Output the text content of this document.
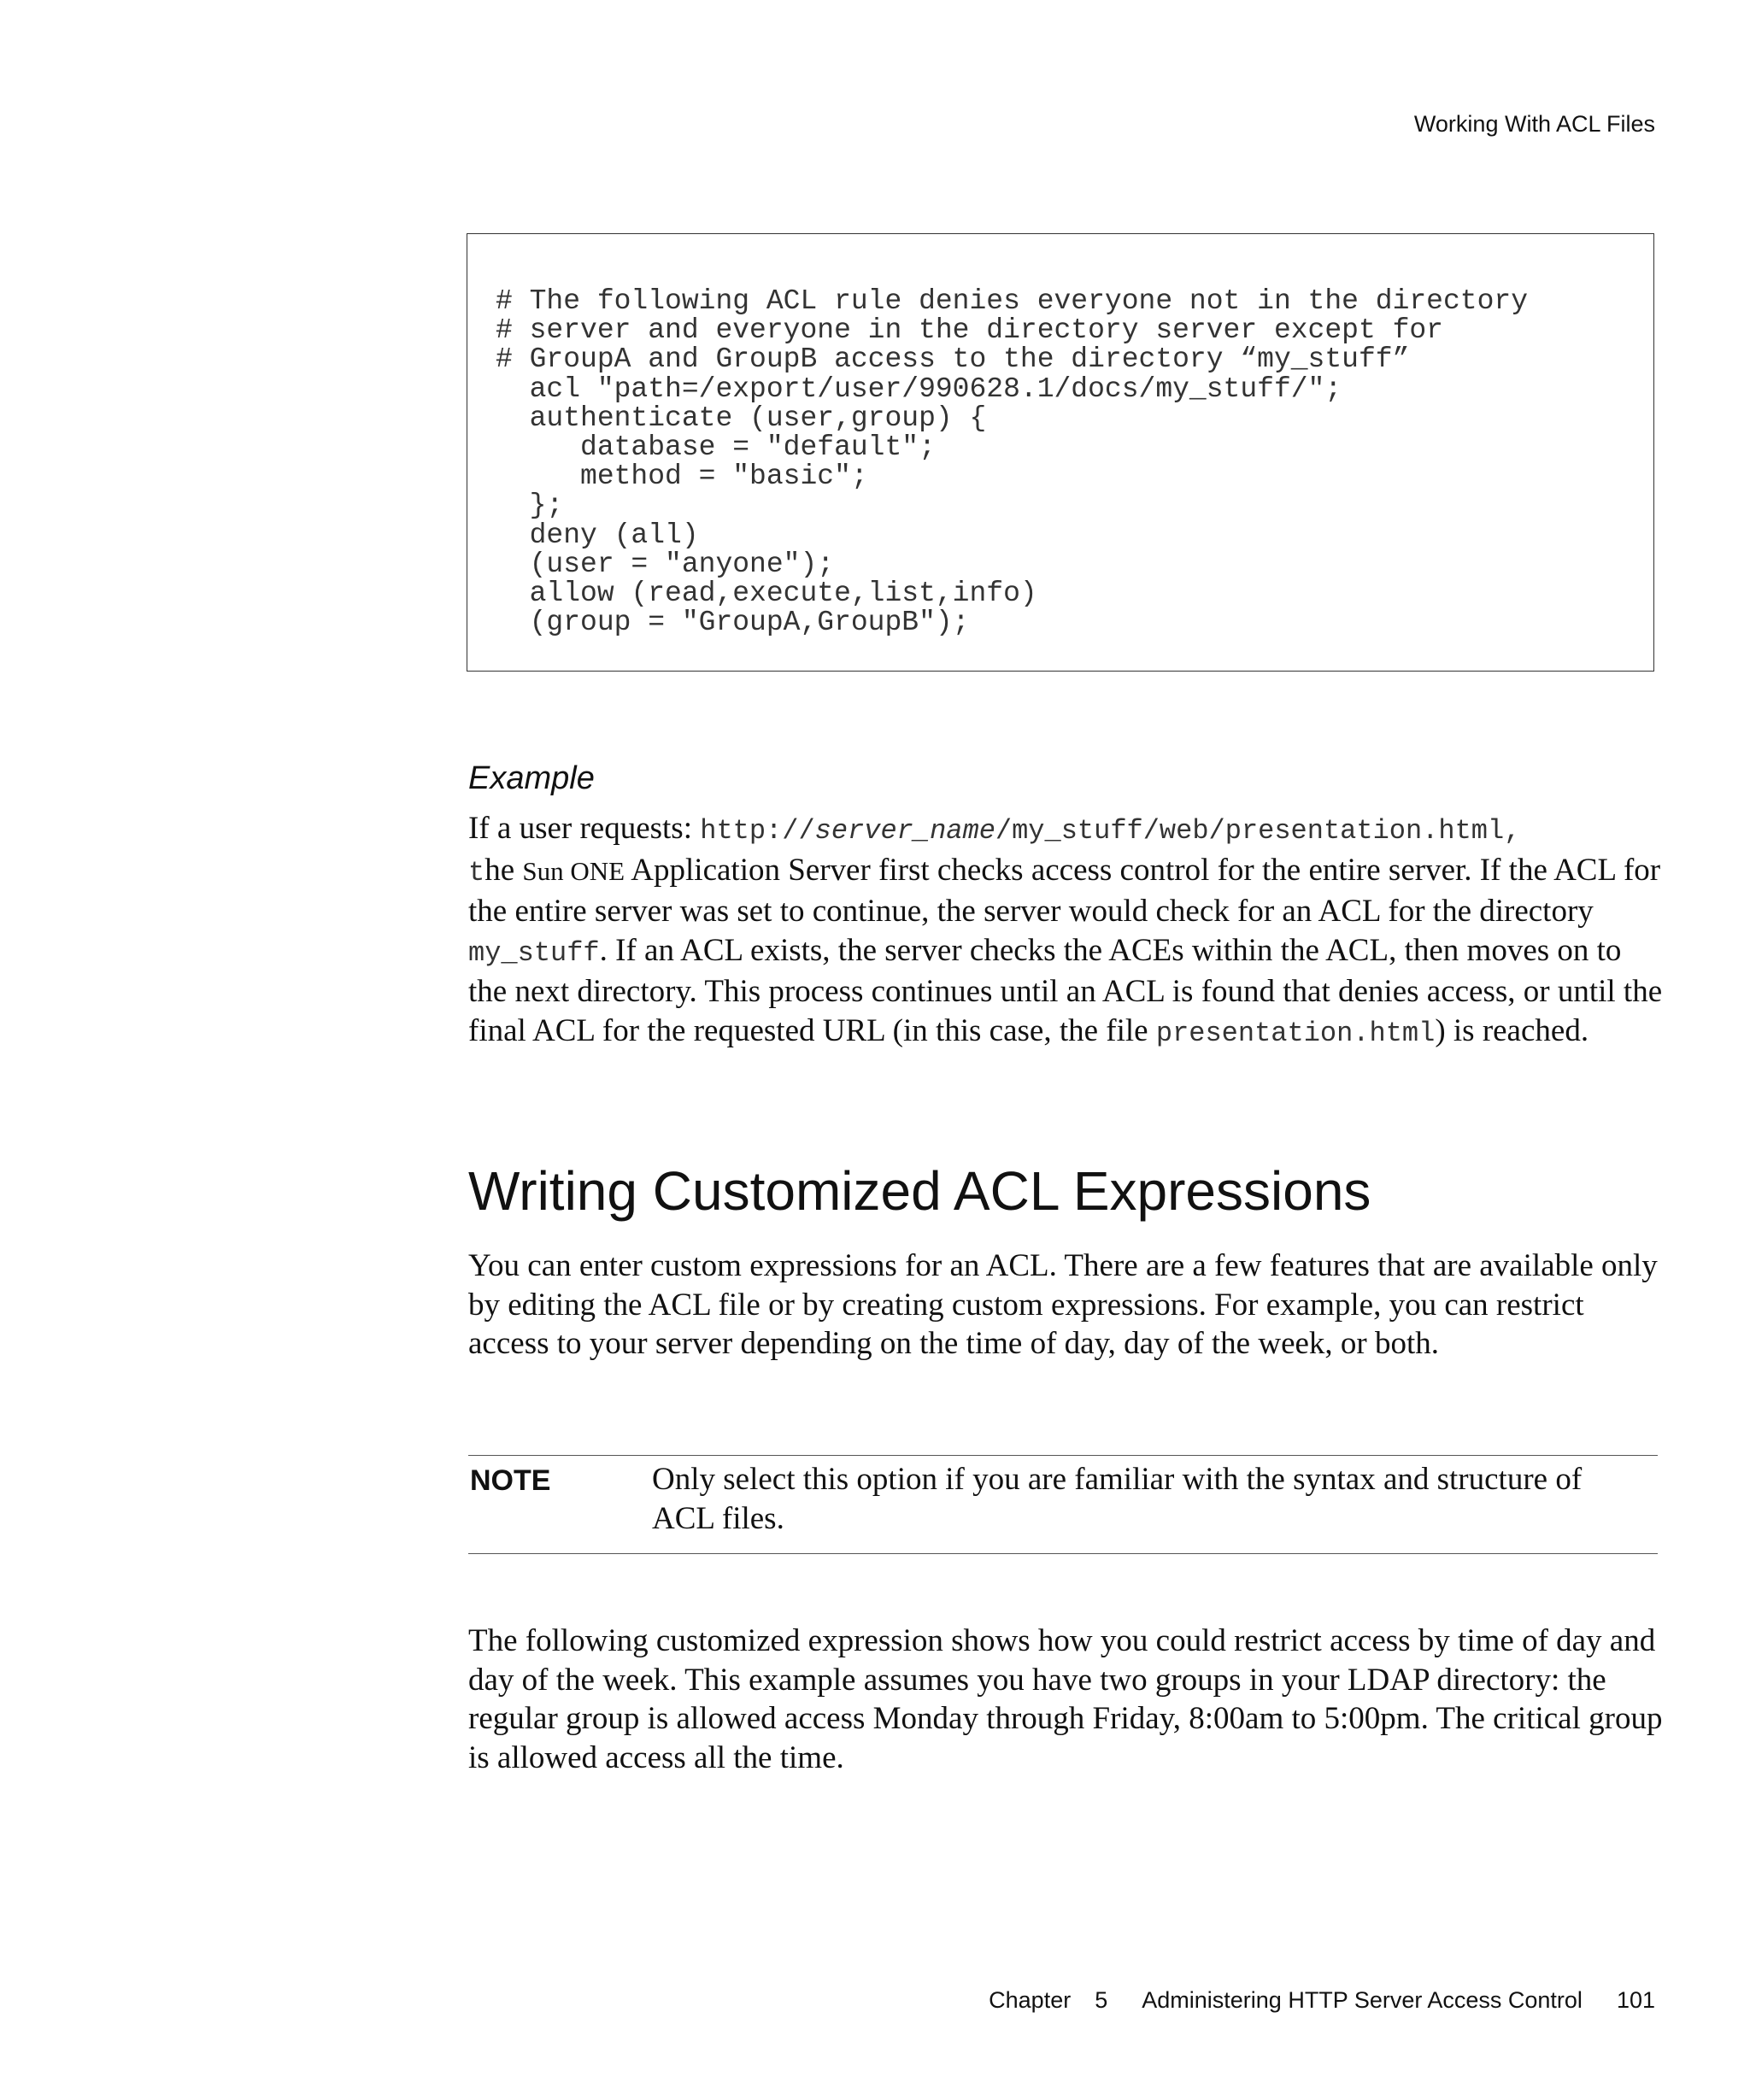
Working With ACL Files
# The following ACL rule denies everyone not in the directory
# server and everyone in the directory server except for
# GroupA and GroupB access to the directory “my_stuff”
acl "path=/export/user/990628.1/docs/my_stuff/";
authenticate (user,group) {
database = "default";
method = "basic";
};
deny (all)
(user = "anyone");
allow (read,execute,list,info)
(group = "GroupA,GroupB");
Example
If a user requests: http://server_name/my_stuff/web/presentation.html,
the Sun ONE Application Server first checks access control for the entire server. If the ACL for the entire server was set to continue, the server would check for an ACL for the directory my_stuff. If an ACL exists, the server checks the ACEs within the ACL, then moves on to the next directory. This process continues until an ACL is found that denies access, or until the final ACL for the requested URL (in this case, the file presentation.html) is reached.
Writing Customized ACL Expressions
You can enter custom expressions for an ACL. There are a few features that are available only by editing the ACL file or by creating custom expressions. For example, you can restrict access to your server depending on the time of day, day of the week, or both.
NOTE	Only select this option if you are familiar with the syntax and structure of ACL files.
The following customized expression shows how you could restrict access by time of day and day of the week. This example assumes you have two groups in your LDAP directory: the regular group is allowed access Monday through Friday, 8:00am to 5:00pm. The critical group is allowed access all the time.
Chapter 5 Administering HTTP Server Access Control 101
